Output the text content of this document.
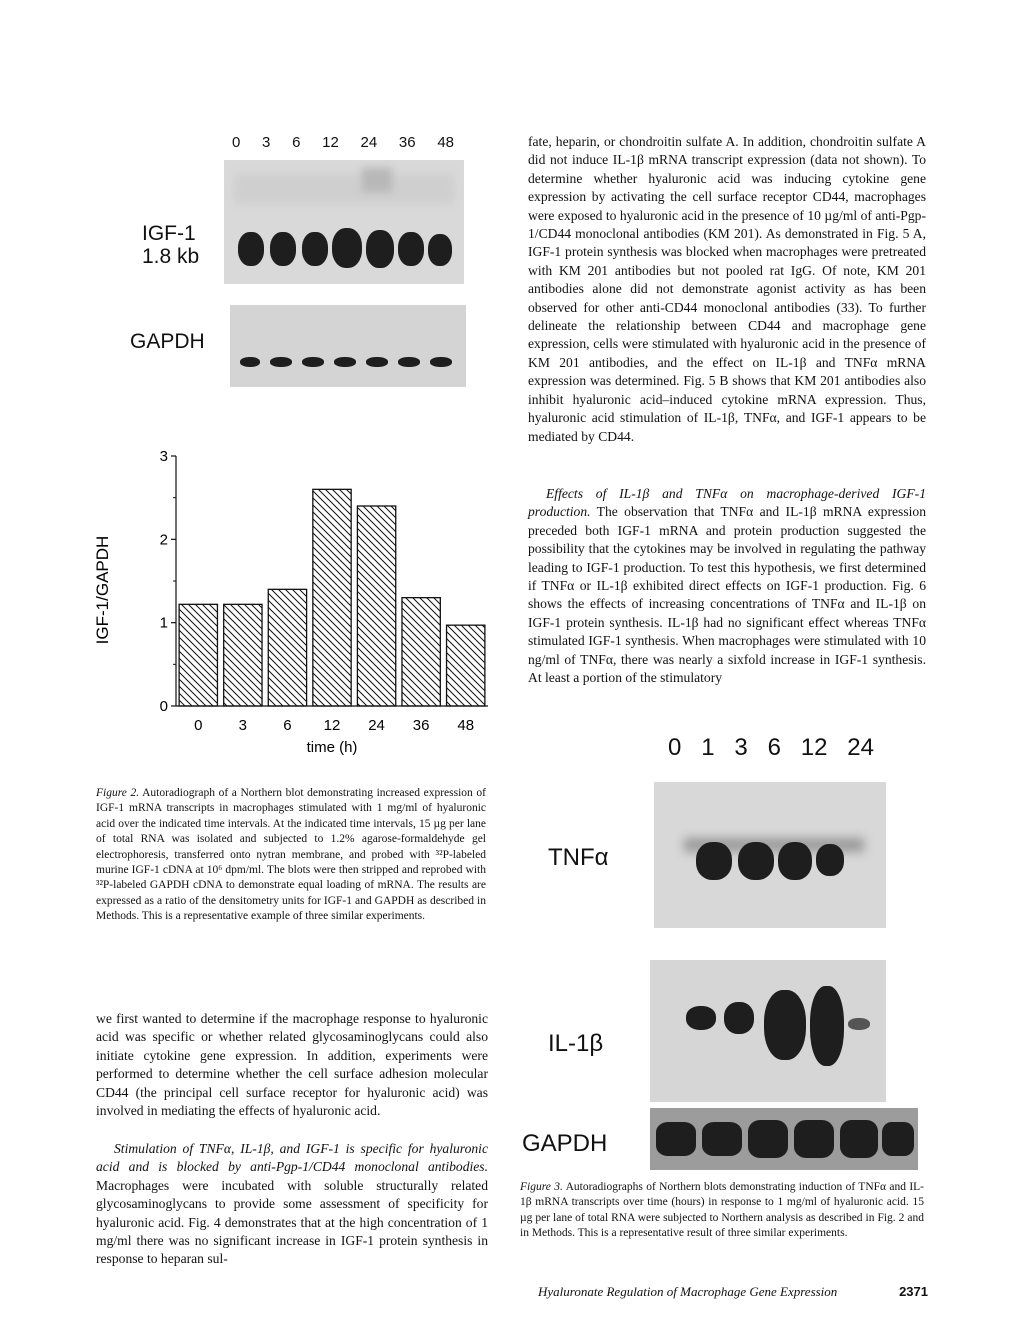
0 3 6 12 24 36 48
IGF-1
1.8 kb
GAPDH
0
1
2
3
0 3 6 12 24 36 48
IGF-1/GAPDH
time (h)

Figure 2. Autoradiograph of a Northern blot demonstrating increased expression of IGF-1 mRNA transcripts in macrophages stimulated with 1 mg/ml of hyaluronic acid over the indicated time intervals. At the indicated time intervals, 15 µg per lane of total RNA was isolated and subjected to 1.2% agarose-formaldehyde gel electrophoresis, transferred onto nytran membrane, and probed with ³²P-labeled murine IGF-1 cDNA at 10⁶ dpm/ml. The blots were then stripped and reprobed with ³²P-labeled GAPDH cDNA to demonstrate equal loading of mRNA. The results are expressed as a ratio of the densitometry units for IGF-1 and GAPDH as described in Methods. This is a representative example of three similar experiments.

we first wanted to determine if the macrophage response to hyaluronic acid was specific or whether related glycosaminoglycans could also initiate cytokine gene expression. In addition, experiments were performed to determine whether the cell surface adhesion molecular CD44 (the principal cell surface receptor for hyaluronic acid) was involved in mediating the effects of hyaluronic acid.

Stimulation of TNFα, IL-1β, and IGF-1 is specific for hyaluronic acid and is blocked by anti-Pgp-1/CD44 monoclonal antibodies. Macrophages were incubated with soluble structurally related glycosaminoglycans to provide some assessment of specificity for hyaluronic acid. Fig. 4 demonstrates that at the high concentration of 1 mg/ml there was no significant increase in IGF-1 protein synthesis in response to heparan sul-

fate, heparin, or chondroitin sulfate A. In addition, chondroitin sulfate A did not induce IL-1β mRNA transcript expression (data not shown). To determine whether hyaluronic acid was inducing cytokine gene expression by activating the cell surface receptor CD44, macrophages were exposed to hyaluronic acid in the presence of 10 µg/ml of anti-Pgp-1/CD44 monoclonal antibodies (KM 201). As demonstrated in Fig. 5 A, IGF-1 protein synthesis was blocked when macrophages were pretreated with KM 201 antibodies but not pooled rat IgG. Of note, KM 201 antibodies alone did not demonstrate agonist activity as has been observed for other anti-CD44 monoclonal antibodies (33). To further delineate the relationship between CD44 and macrophage gene expression, cells were stimulated with hyaluronic acid in the presence of KM 201 antibodies, and the effect on IL-1β and TNFα mRNA expression was determined. Fig. 5 B shows that KM 201 antibodies also inhibit hyaluronic acid–induced cytokine mRNA expression. Thus, hyaluronic acid stimulation of IL-1β, TNFα, and IGF-1 appears to be mediated by CD44.

Effects of IL-1β and TNFα on macrophage-derived IGF-1 production. The observation that TNFα and IL-1β mRNA expression preceded both IGF-1 mRNA and protein production suggested the possibility that the cytokines may be involved in regulating the pathway leading to IGF-1 production. To test this hypothesis, we first determined if TNFα or IL-1β exhibited direct effects on IGF-1 production. Fig. 6 shows the effects of increasing concentrations of TNFα and IL-1β on IGF-1 protein synthesis. IL-1β had no significant effect whereas TNFα stimulated IGF-1 synthesis. When macrophages were stimulated with 10 ng/ml of TNFα, there was nearly a sixfold increase in IGF-1 synthesis. At least a portion of the stimulatory

0 1 3 6 12 24
TNFα
IL-1β
GAPDH

Figure 3. Autoradiographs of Northern blots demonstrating induction of TNFα and IL-1β mRNA transcripts over time (hours) in response to 1 mg/ml of hyaluronic acid. 15 µg per lane of total RNA were subjected to Northern analysis as described in Fig. 2 and in Methods. This is a representative result of three similar experiments.

Hyaluronate Regulation of Macrophage Gene Expression	2371
